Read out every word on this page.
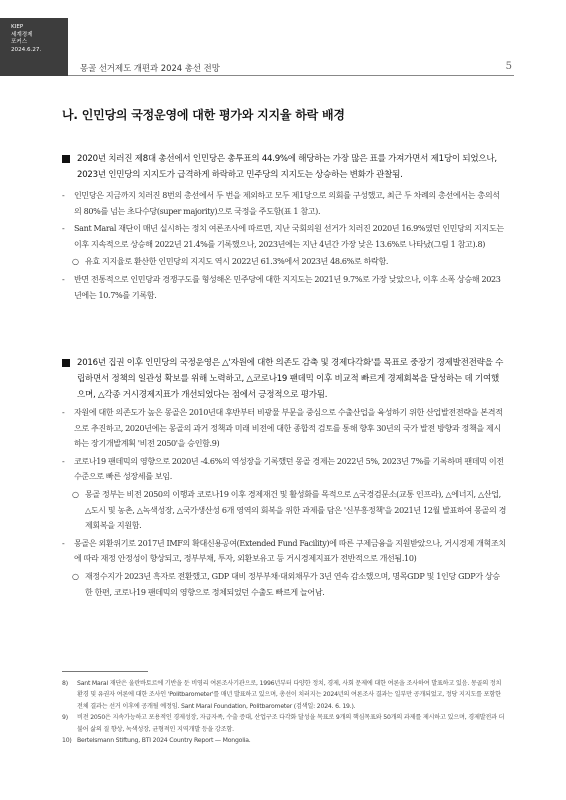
KIEP
세계경제
포커스
2024.6.27.
몽골 선거제도 개편과 2024 총선 전망	5
나. 인민당의 국정운영에 대한 평가와 지지율 하락 배경
2020년 치러진 제8대 총선에서 인민당은 총투표의 44.9%에 해당하는 가장 많은 표를 가져가면서 제1당이 되었으나, 2023년 인민당의 지지도가 급격하게 하락하고 민주당의 지지도는 상승하는 변화가 관찰됨.
- 인민당은 지금까지 치러진 8번의 총선에서 두 번을 제외하고 모두 제1당으로 의회를 구성했고, 최근 두 차례의 총선에서는 총의석의 80%를 넘는 초다수당(super majority)으로 국정을 주도함(표 1 참고).
- Sant Maral 재단이 매년 실시하는 정치 여론조사에 따르면, 지난 국회의원 선거가 치러진 2020년 16.9%였던 인민당의 지지도는 이후 지속적으로 상승해 2022년 21.4%를 기록했으나, 2023년에는 지난 4년간 가장 낮은 13.6%로 나타났(그림 1 참고).8)
○ 유효 지지율로 환산한 인민당의 지지도 역시 2022년 61.3%에서 2023년 48.6%로 하락함.
- 반면 전통적으로 인민당과 경쟁구도를 형성해온 민주당에 대한 지지도는 2021년 9.7%로 가장 낮았으나, 이후 소폭 상승해 2023년에는 10.7%를 기록함.
2016년 집권 이후 인민당의 국정운영은 △'자원에 대한 의존도 감축 및 경제다각화'를 목표로 중장기 경제발전전략을 수립하면서 정책의 일관성 확보를 위해 노력하고, △코로나19 팬데믹 이후 비교적 빠르게 경제회복을 달성하는 데 기여했으며, △각종 거시경제지표가 개선되었다는 점에서 긍정적으로 평가됨.
- 자원에 대한 의존도가 높은 몽골은 2010년대 후반부터 비광물 부문을 중심으로 수출산업을 육성하기 위한 산업발전전략을 본격적으로 추진하고, 2020년에는 몽골의 과거 정책과 미래 비전에 대한 종합적 검토를 통해 향후 30년의 국가 발전 방향과 정책을 제시하는 장기개발계획 '비전 2050'을 승인함.9)
- 코로나19 팬데믹의 영향으로 2020년 -4.6%의 역성장을 기록했던 몽골 경제는 2022년 5%, 2023년 7%를 기록하며 팬데믹 이전 수준으로 빠른 성장세를 보임.
○ 몽골 정부는 비전 2050의 이행과 코로나19 이후 경제재건 및 활성화를 목적으로 △국경검문소(교통 인프라), △에너지, △산업, △도시 및 농촌, △녹색성장, △국가생산성 6개 영역의 회복을 위한 과제를 담은 '신부흥정책'을 2021년 12월 발표하여 몽골의 경제회복을 지원함.
- 몽골은 외환위기로 2017년 IMF의 확대신용공여(Extended Fund Facility)에 따른 구제금융을 지원받았으나, 거시경제 개혁조치에 따라 재정 안정성이 향상되고, 정부부채, 투자, 외환보유고 등 거시경제지표가 전반적으로 개선됨.10)
○ 재정수지가 2023년 흑자로 전환했고, GDP 대비 정부부채·대외채무가 3년 연속 감소했으며, 명목GDP 및 1인당 GDP가 상승한 한편, 코로나19 팬데믹의 영향으로 정체되었던 수출도 빠르게 늘어남.
8) Sant Maral 재단은 울란바토르에 기반을 둔 비영리 여론조사기관으로, 1996년부터 다양한 정치, 경제, 사회 문제에 대한 여론을 조사하여 발표하고 있음. 몽골의 정치환경 및 유권자 여론에 대한 조사인 'Politbarometer'를 매년 발표하고 있으며, 총선이 치러지는 2024년의 여론조사 결과는 일부만 공개되었고, 정당 지지도를 포함한 전체 결과는 선거 이후에 공개될 예정임. Sant Maral Foundation, Politbarometer (검색일: 2024. 6. 19.).
9) 비전 2050은 지속가능하고 포용적인 경제성장, 자급자족, 수출 증대, 산업구조 다각화 달성을 목표로 9개의 핵심목표와 50개의 과제를 제시하고 있으며, 경제발전과 더불어 삶의 질 향상, 녹색성장, 균형적인 지역개발 등을 강조함.
10) Bertelsmann Stiftung, BTI 2024 Country Report — Mongolia.
